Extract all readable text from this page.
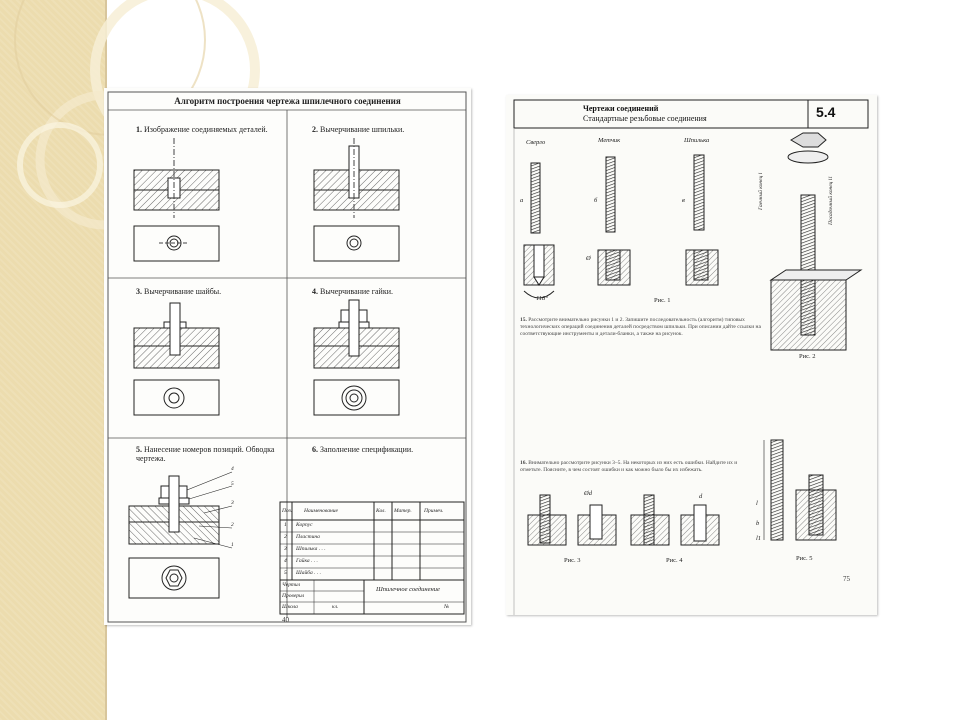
Алгоритм построения чертежа шпилечного соединения
1. Изображение соединяемых деталей.	2. Вычерчивание шпильки.
3. Вычерчивание шайбы.	4. Вычерчивание гайки.
5. Нанесение номеров позиций. Обводка чертежа.
6. Заполнение спецификации.
4
5
3
2
1
Поз. Наименование	Кол. Матер. Примеч.
1 Корпус
2 Пластина
3 Шпилька . . .
4 Гайка . . .
5 Шайба . . .
Чертил
Проверил
Школа	кл.
Шпилечное соединение
№
40
Чертежи соединений
Стандартные резьбовые соединения	5.4
Сверло	Метчик	Шпилька
а	б	в
118°
Ø
Ød	d
l
b
l1
Гаечный конец l	Посадочный конец l1
Рис. 1
Рис. 2
Рис. 3	Рис. 4	Рис. 5
15. Рассмотрите внимательно рисунки 1 и 2. Запишите последовательность (алгоритм) типовых технологических операций соединения деталей посредством шпильки. При описании дайте ссылки на соответствующие инструменты и детали-бланки, а также на рисунок.
16. Внимательно рассмотрите рисунки 3–5. На некоторых из них есть ошибки. Найдите их и отметьте. Поясните, в чем состоят ошибки и как можно было бы их избежать.
75
